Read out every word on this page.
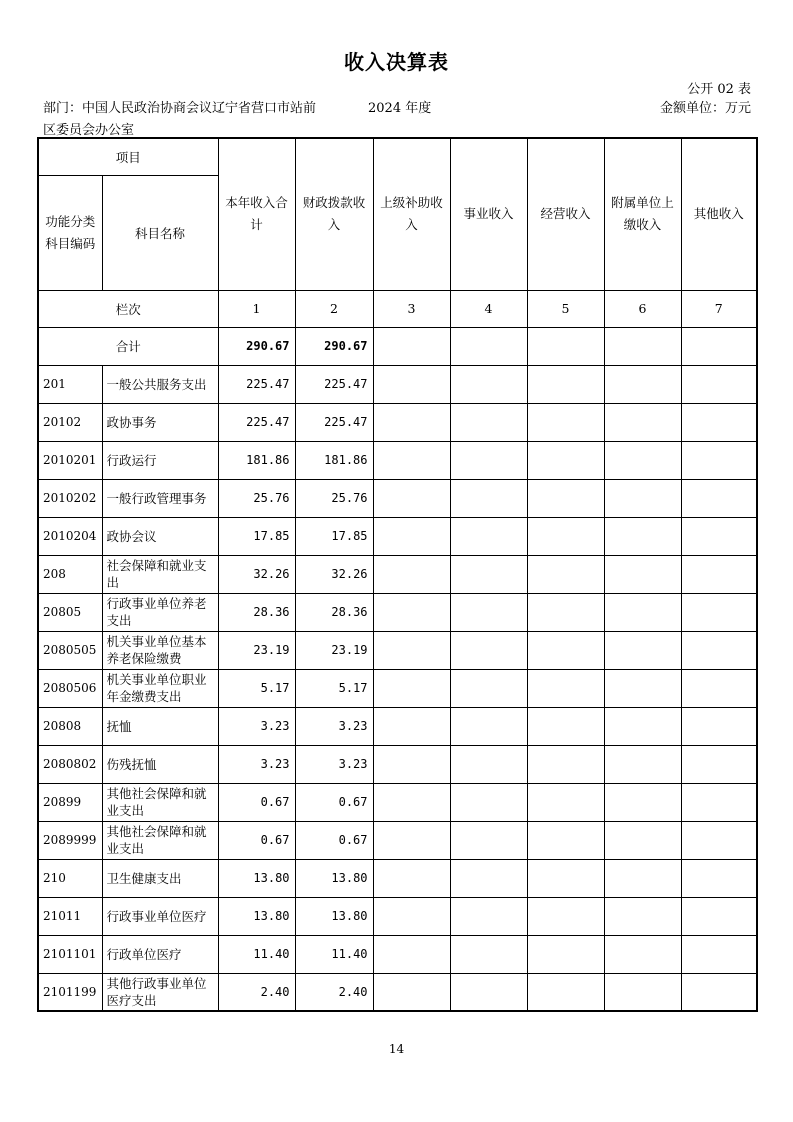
收入决算表
公开 02 表
部门：中国人民政治协商会议辽宁省营口市站前
区委员会办公室
2024 年度	金额单位：万元
项目		本年收入合计	财政拨款收入	上级补助收入	事业收入	经营收入	附属单位上缴收入	其他收入
功能分类科目编码	科目名称							
栏次		1	2	3	4	5	6	7
合计		290.67	290.67					
201	一般公共服务支出	225.47	225.47					
20102	政协事务	225.47	225.47					
2010201	行政运行	181.86	181.86					
2010202	一般行政管理事务	25.76	25.76					
2010204	政协会议	17.85	17.85					
208	社会保障和就业支出	32.26	32.26					
20805	行政事业单位养老支出	28.36	28.36					
2080505	机关事业单位基本养老保险缴费	23.19	23.19					
2080506	机关事业单位职业年金缴费支出	5.17	5.17					
20808	抚恤	3.23	3.23					
2080802	伤残抚恤	3.23	3.23					
20899	其他社会保障和就业支出	0.67	0.67					
2089999	其他社会保障和就业支出	0.67	0.67					
210	卫生健康支出	13.80	13.80					
21011	行政事业单位医疗	13.80	13.80					
2101101	行政单位医疗	11.40	11.40					
2101199	其他行政事业单位医疗支出	2.40	2.40					
14
